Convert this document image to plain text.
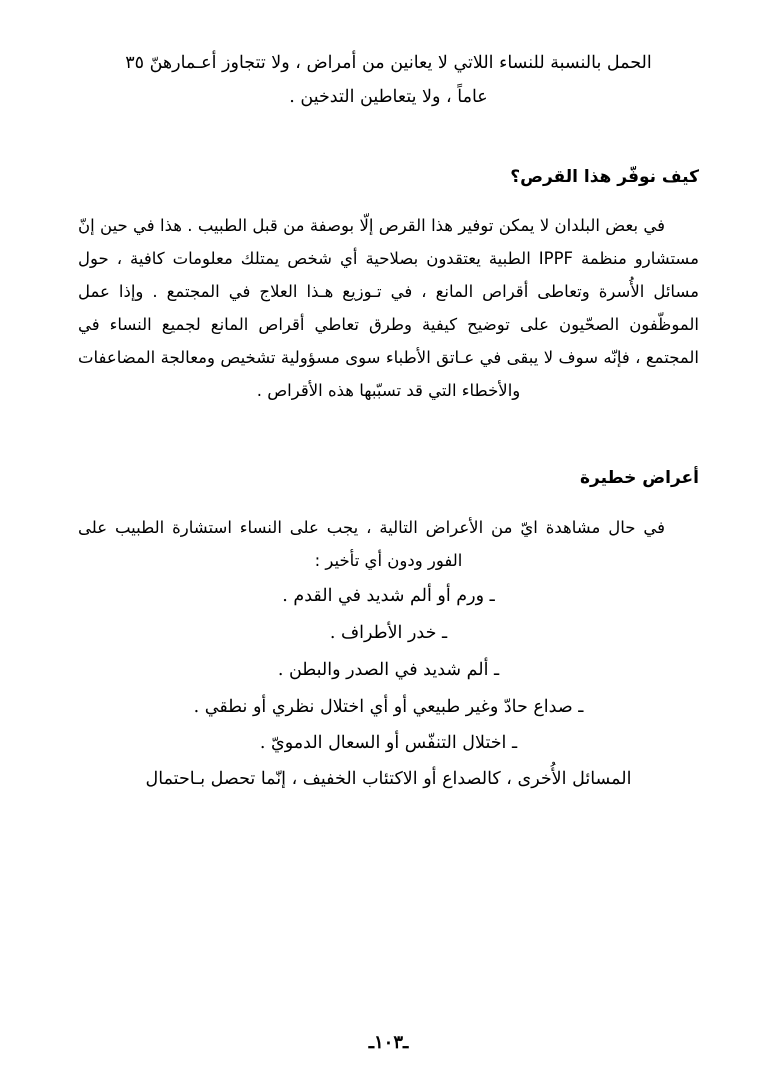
الحمل بالنسبة للنساء اللاتي لا يعانين من أمراض ، ولا تتجاوز أعـمارهنّ ٣٥
عاماً ، ولا يتعاطين التدخين .
كيف نوفّر هذا القرص؟
في بعض البلدان لا يمكن توفير هذا القرص إلّا بوصفة من قبل الطبيب . هذا في حين إنّ مستشارو منظمة IPPF الطبية يعتقدون بصلاحية أي شخص يمتلك معلومات كافية ، حول مسائل الأُسرة وتعاطى أقراص المانع ، في تـوزيع هـذا العلاج في المجتمع . وإذا عمل الموظّفون الصحّيون على توضيح كيفية وطرق تعاطي أقراص المانع لجميع النساء في المجتمع ، فإنّه سوف لا يبقى في عـاتق الأطباء سوى مسؤولية تشخيص ومعالجة المضاعفات والأخطاء التي قد تسبّبها هذه الأقراص .
أعراض خطيرة
في حال مشاهدة ايّ من الأعراض التالية ، يجب على النساء استشارة الطبيب على الفور ودون أي تأخير :
ـ ورم أو ألم شديد في القدم .
ـ خدر الأطراف .
ـ ألم شديد في الصدر والبطن .
ـ صداع حادّ وغير طبيعي أو أي اختلال نظري أو نطقي .
ـ اختلال التنفّس أو السعال الدمويّ .
المسائل الأُخرى ، كالصداع أو الاكتئاب الخفيف ، إنّما تحصل بـاحتمال
ـ١٠٣ـ
